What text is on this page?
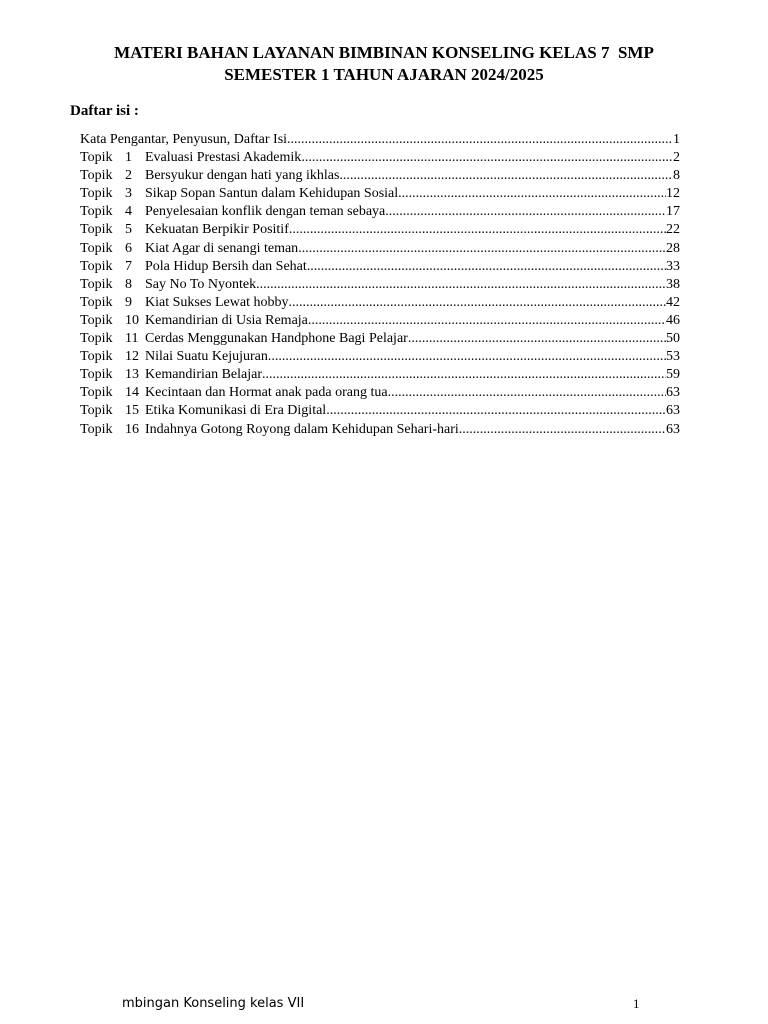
MATERI BAHAN LAYANAN BIMBINAN KONSELING KELAS 7  SMP
SEMESTER 1 TAHUN AJARAN 2024/2025
Daftar isi :
Kata Pengantar, Penyusun, Daftar Isi .....	1
Topik 1 Evaluasi Prestasi Akademik .....	2
Topik 2 Bersyukur dengan hati yang ikhlas .....	8
Topik 3 Sikap Sopan Santun dalam Kehidupan Sosial .....	12
Topik 4 Penyelesaian konflik dengan teman sebaya .....	17
Topik 5 Kekuatan Berpikir Positif .....	22
Topik 6 Kiat Agar di senangi teman .....	28
Topik 7 Pola Hidup Bersih dan Sehat .....	33
Topik 8 Say No To Nyontek .....	38
Topik 9 Kiat Sukses Lewat hobby .....	42
Topik 10 Kemandirian di Usia Remaja .....	46
Topik 11 Cerdas Menggunakan Handphone Bagi Pelajar .....	50
Topik 12 Nilai Suatu Kejujuran .....	53
Topik 13 Kemandirian Belajar .....	59
Topik 14 Kecintaan dan Hormat anak pada orang tua .....	63
Topik 15 Etika Komunikasi di Era Digital .....	63
Topik 16 Indahnya Gotong Royong dalam Kehidupan Sehari-hari .....	63
mbingan Konseling kelas VII	1
